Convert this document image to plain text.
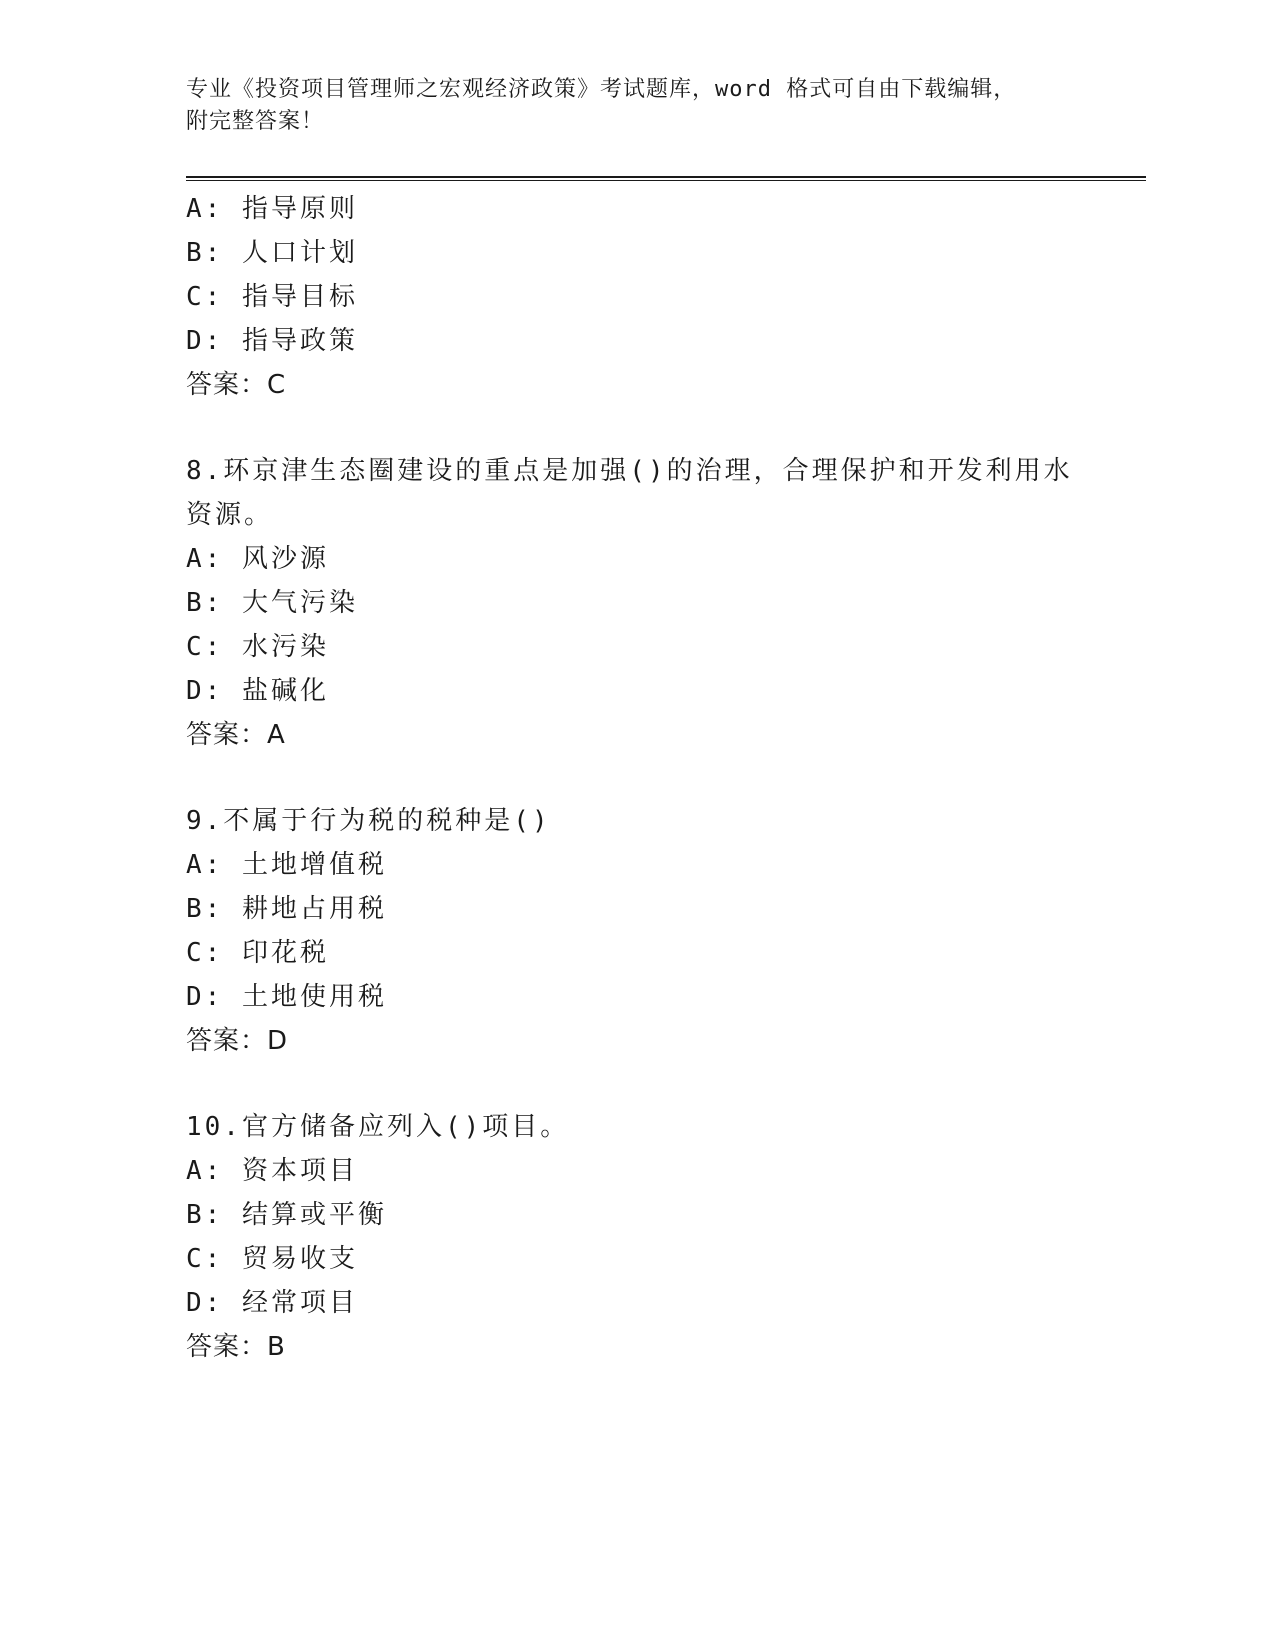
专业《投资项目管理师之宏观经济政策》考试题库，word 格式可自由下载编辑，
附完整答案！

A: 指导原则

B: 人口计划

C: 指导目标

D: 指导政策

答案：C

8.环京津生态圈建设的重点是加强()的治理，合理保护和开发利用水

资源。

A: 风沙源

B: 大气污染

C: 水污染

D: 盐碱化

答案：A

9.不属于行为税的税种是()

A: 土地增值税

B: 耕地占用税

C: 印花税

D: 土地使用税

答案：D

10.官方储备应列入()项目。

A: 资本项目

B: 结算或平衡

C: 贸易收支

D: 经常项目

答案：B
